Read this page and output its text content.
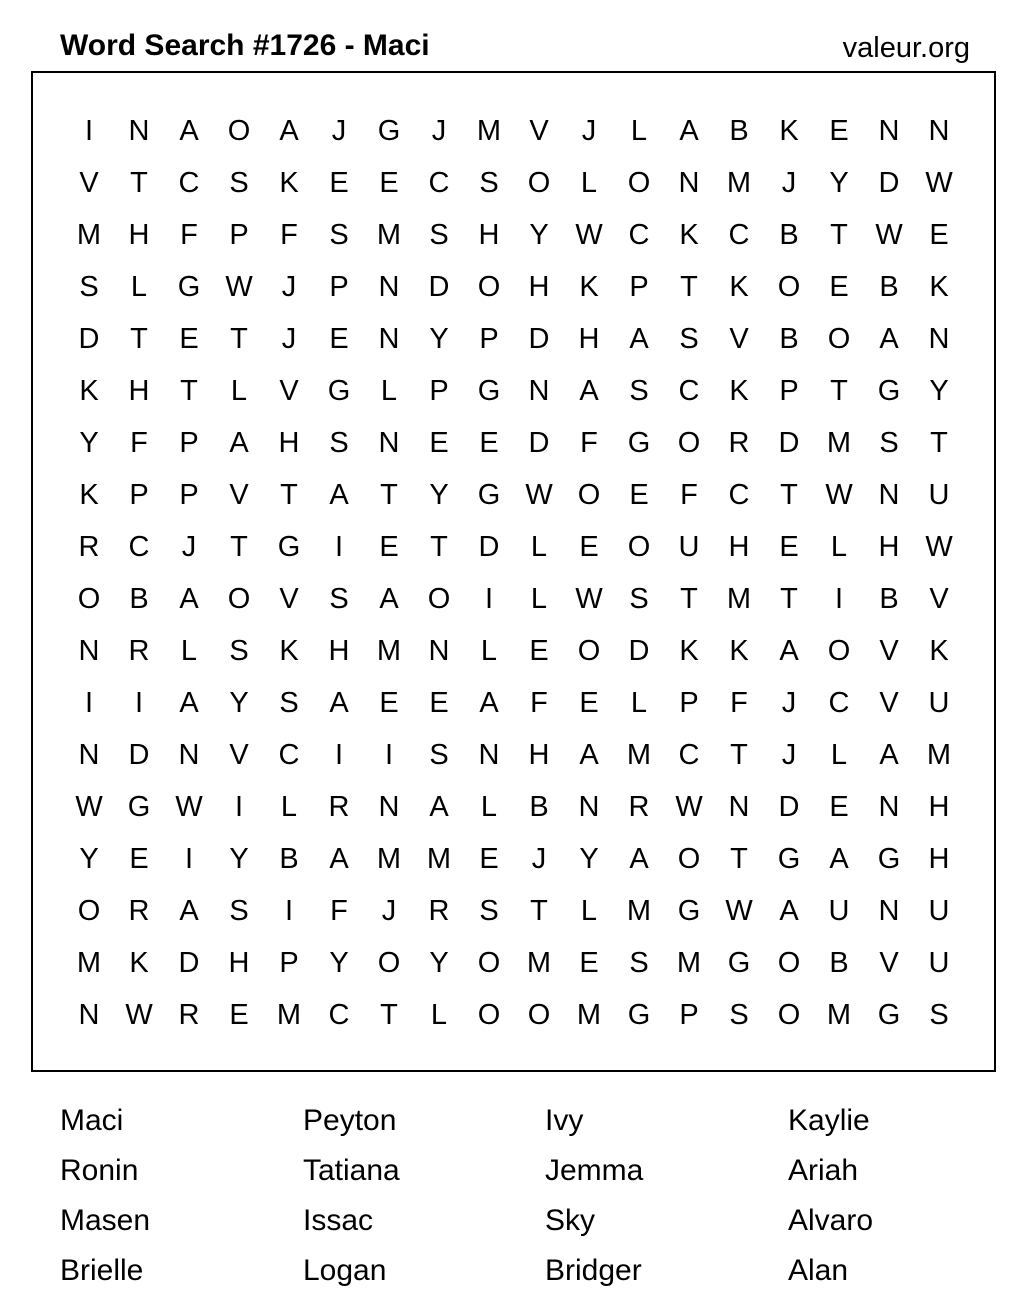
Word Search #1726 - Maci	valeur.org
I	N	A	O	A	J	G	J	M V	J	L	A	B	K	E	N	N
V	T	C	S	K	E	E	C	S	O	L	O N M	J	Y	D W
M H	F	P	F	S M S	H	Y W C	K	C	B	T W E
S	L	G W	J	P	N	D O H	K	P	T	K	O	E	B	K
D	T	E	T	J	E	N	Y	P	D	H	A	S	V	B	O	A	N
K	H	T	L	V	G	L	P	G N	A	S	C	K	P	T	G	Y
Y	F	P	A	H	S	N	E	E	D	F	G O R	D M S	T
K	P	P	V	T	A	T	Y	G W O	E	F	C	T W N	U
R	C	J	T	G	I	E	T	D	L	E	O U	H	E	L	H W
O	B	A	O	V	S	A	O	I	L W S	T	M	T	I	B	V
N	R	L	S	K	H M N	L	E	O D	K	K	A	O	V	K
I	I	A	Y	S	A	E	E	A	F	E	L	P	F	J	C	V	U
N	D	N	V	C	I	I	S	N	H	A M C	T	J	L	A M
W G W	I	L	R	N	A	L	B	N	R W N	D	E	N	H
Y	E	I	Y	B	A M M E	J	Y	A	O	T	G	A	G H
O R	A	S	I	F	J	R	S	T	L	M G W A	U	N	U
M K	D	H	P	Y	O	Y	O M E	S M G O	B	V	U
N W R	E M C	T	L	O O M G	P	S	O M G	S
Maci	Peyton	Ivy	Kaylie
Ronin	Tatiana	Jemma	Ariah
Masen	Issac	Sky	Alvaro
Brielle	Logan	Bridger	Alan
